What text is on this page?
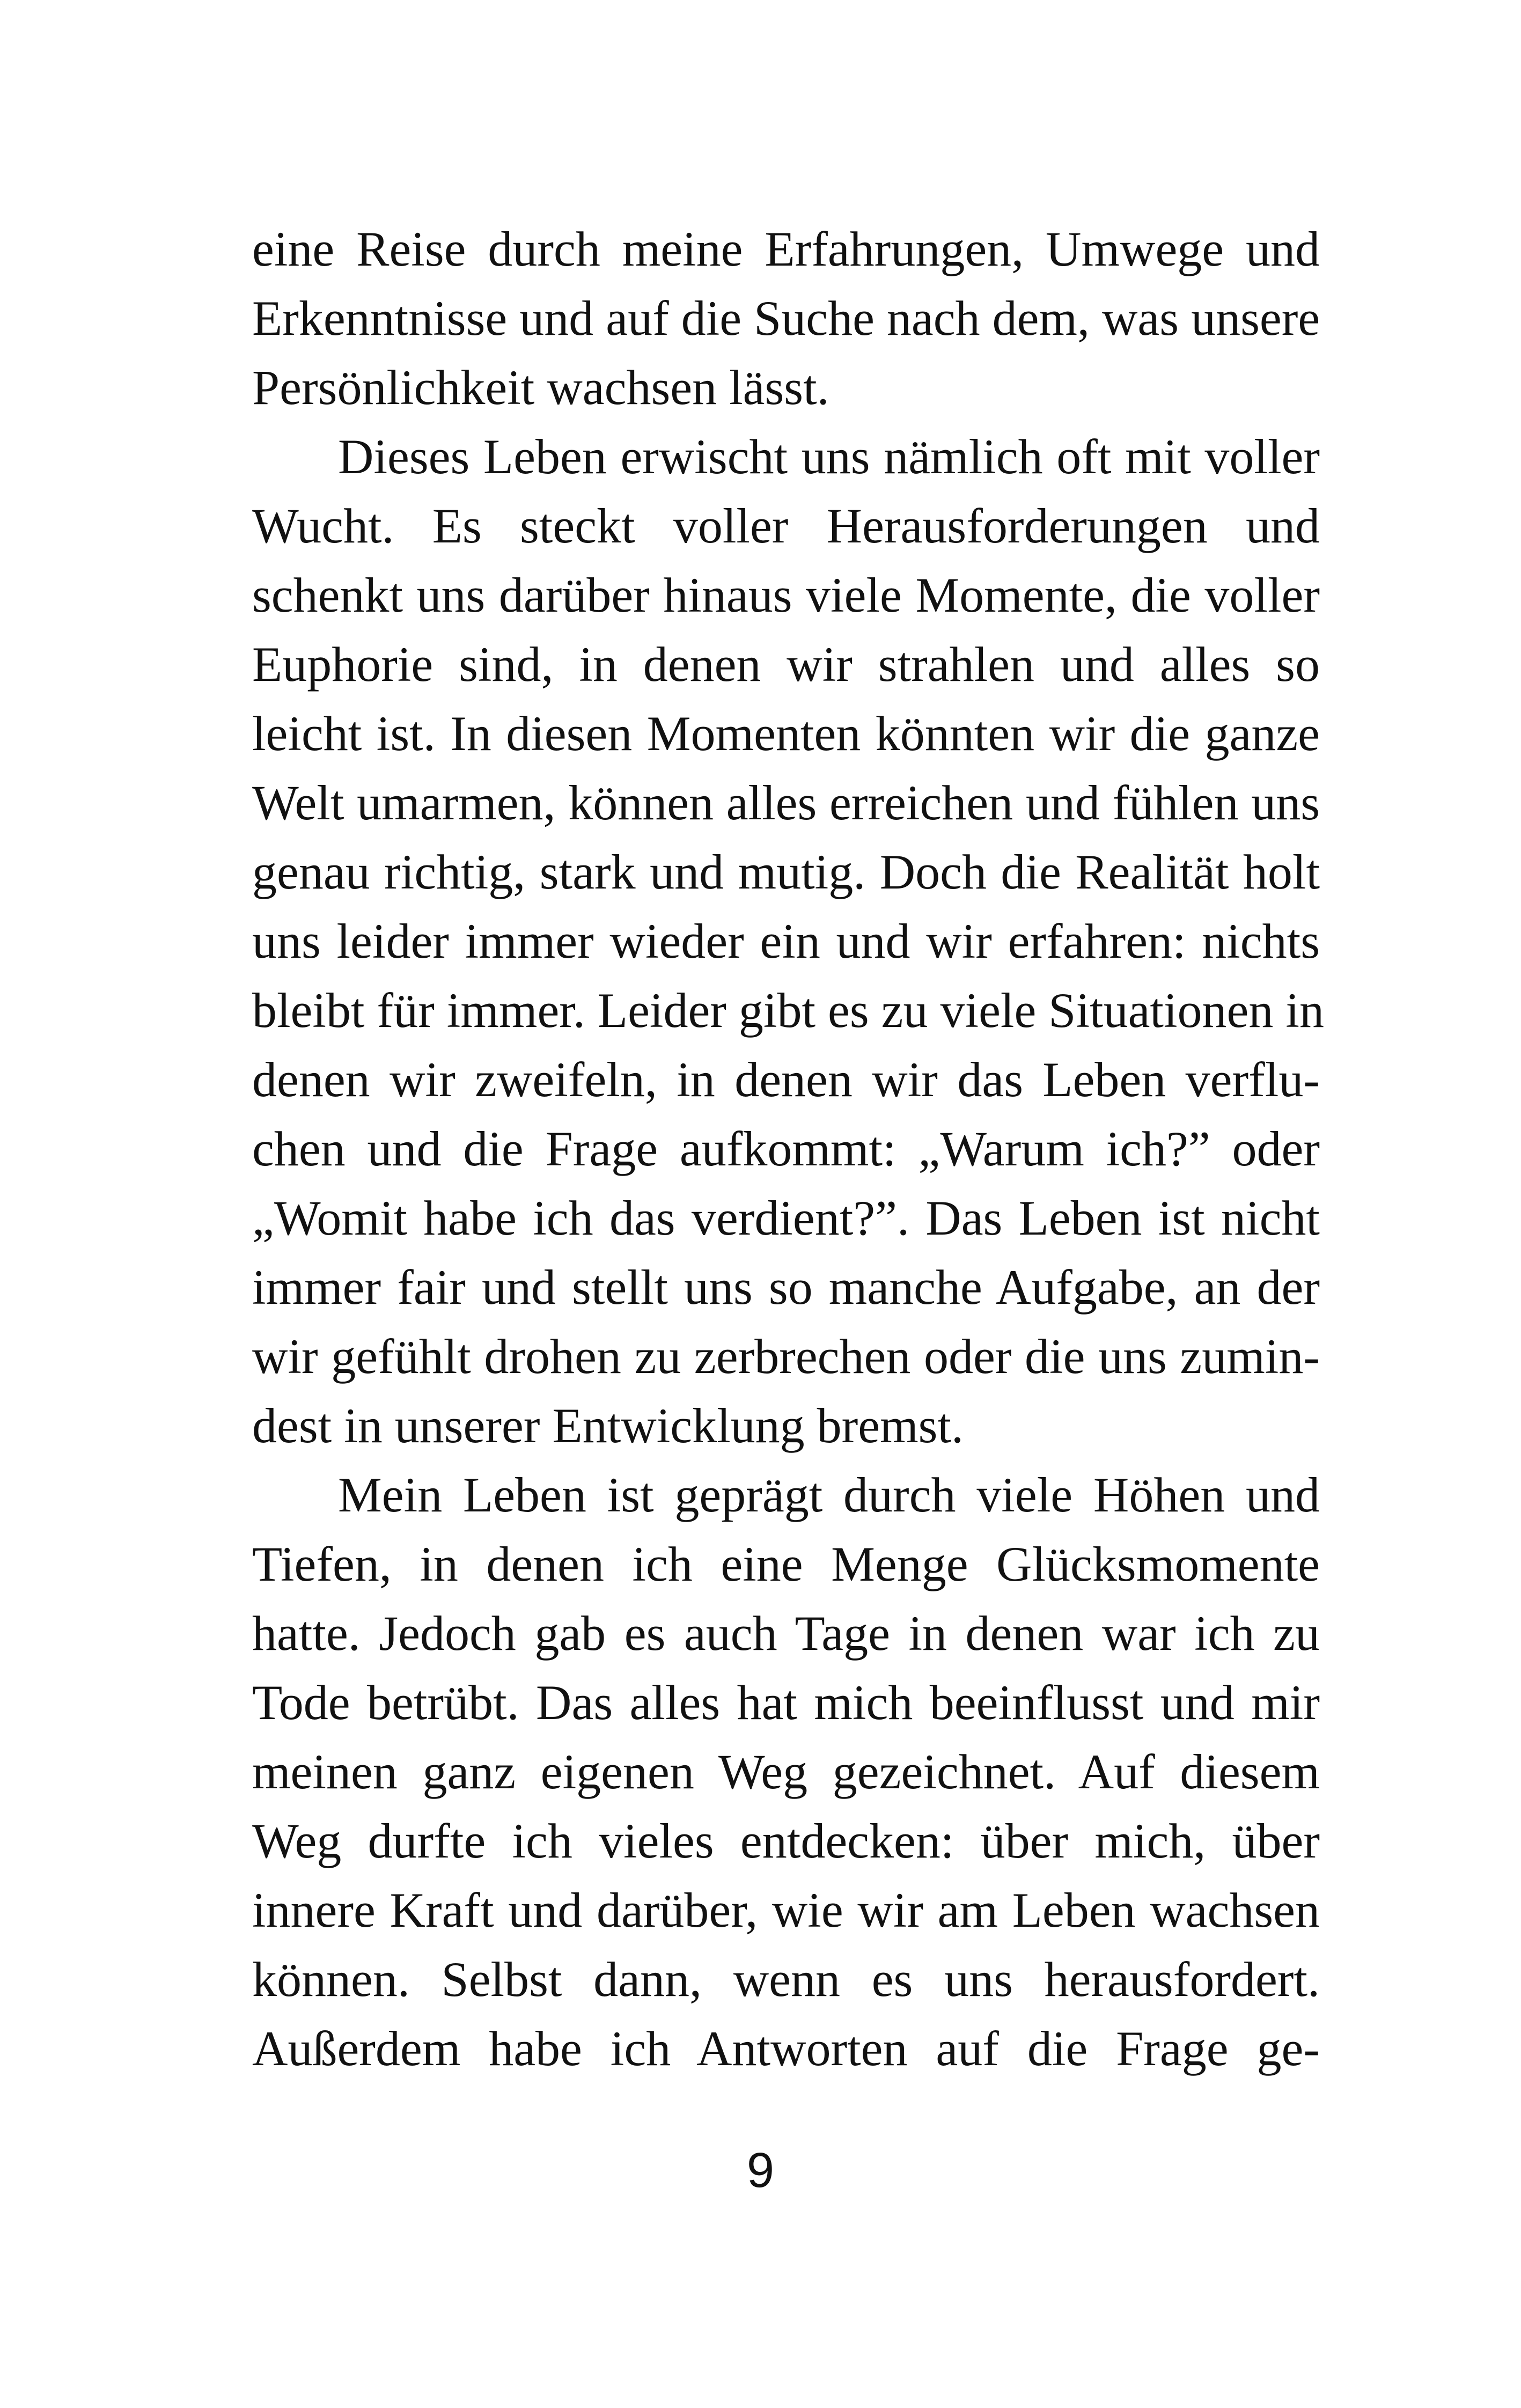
eine Reise durch meine Erfahrungen, Umwege und
Erkenntnisse und auf die Suche nach dem, was unsere
Persönlichkeit wachsen lässt.
Dieses Leben erwischt uns nämlich oft mit voller
Wucht. Es steckt voller Herausforderungen und
schenkt uns darüber hinaus viele Momente, die voller
Euphorie sind, in denen wir strahlen und alles so
leicht ist. In diesen Momenten könnten wir die ganze
Welt umarmen, können alles erreichen und fühlen uns
genau richtig, stark und mutig. Doch die Realität holt
uns leider immer wieder ein und wir erfahren: nichts
bleibt für immer. Leider gibt es zu viele Situationen in
denen wir zweifeln, in denen wir das Leben verflu-
chen und die Frage aufkommt: „Warum ich?” oder
„Womit habe ich das verdient?”. Das Leben ist nicht
immer fair und stellt uns so manche Aufgabe, an der
wir gefühlt drohen zu zerbrechen oder die uns zumin-
dest in unserer Entwicklung bremst.
Mein Leben ist geprägt durch viele Höhen und
Tiefen, in denen ich eine Menge Glücksmomente
hatte. Jedoch gab es auch Tage in denen war ich zu
Tode betrübt. Das alles hat mich beeinflusst und mir
meinen ganz eigenen Weg gezeichnet. Auf diesem
Weg durfte ich vieles entdecken: über mich, über
innere Kraft und darüber, wie wir am Leben wachsen
können. Selbst dann, wenn es uns herausfordert.
Außerdem habe ich Antworten auf die Frage ge-
9
